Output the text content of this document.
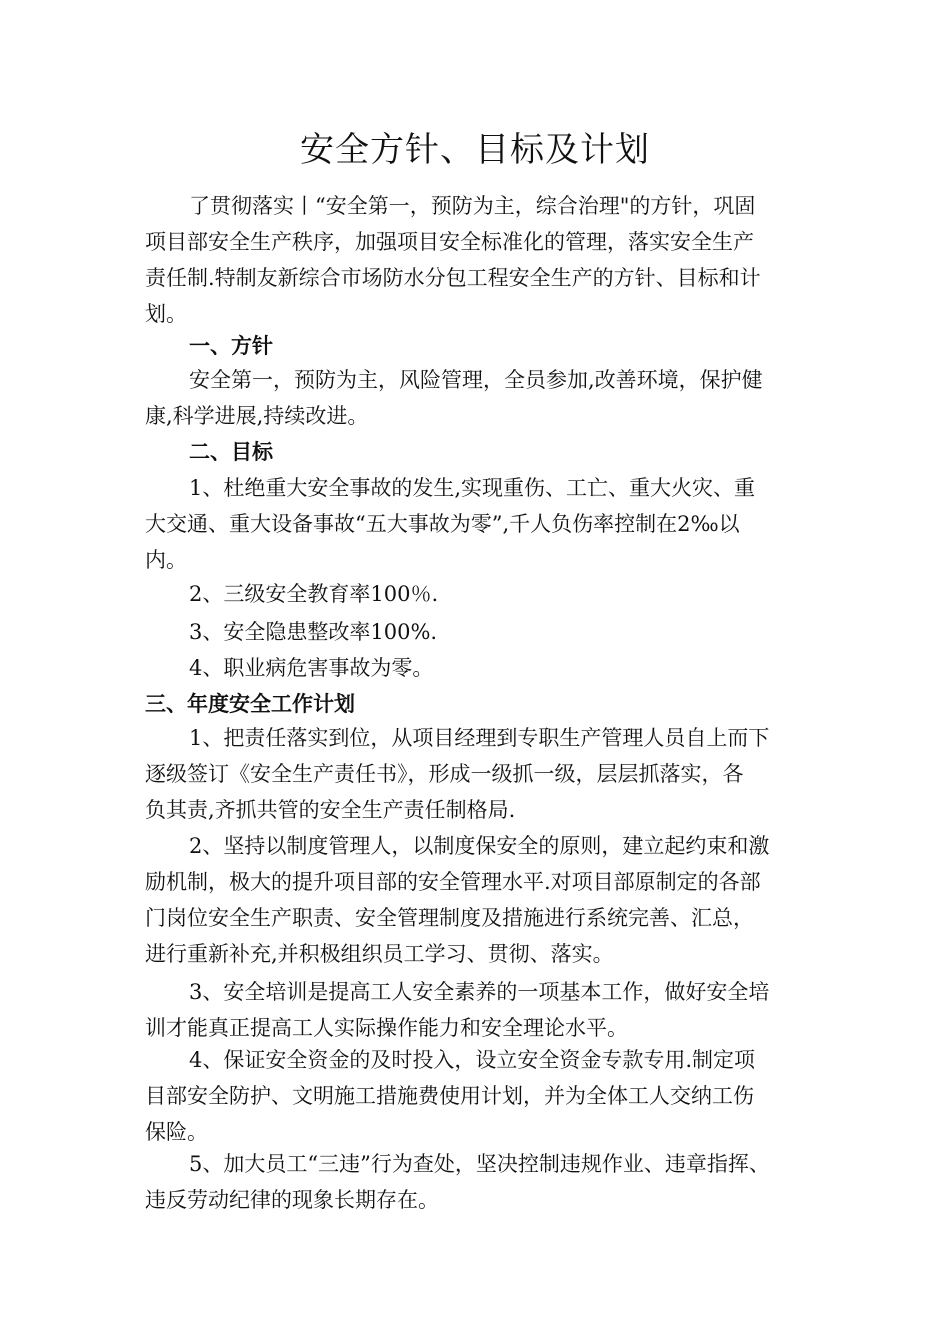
安全方针、目标及计划
了贯彻落实丨“安全第一，预防为主，综合治理"的方针，巩固
项目部安全生产秩序，加强项目安全标准化的管理，落实安全生产
责任制.特制友新综合市场防水分包工程安全生产的方针、目标和计
划。
一、方针
安全第一，预防为主，风险管理，全员参加,改善环境，保护健
康,科学进展,持续改进。
二、目标
1、杜绝重大安全事故的发生,实现重伤、工亡、重大火灾、重
大交通、重大设备事故“五大事故为零”,千人负伤率控制在2‰以
内。
2、三级安全教育率100％.
3、安全隐患整改率100%.
4、职业病危害事故为零。
三、年度安全工作计划
1、把责任落实到位，从项目经理到专职生产管理人员自上而下
逐级签订《安全生产责任书》，形成一级抓一级，层层抓落实，各
负其责,齐抓共管的安全生产责任制格局.
2、坚持以制度管理人，以制度保安全的原则，建立起约束和激
励机制，极大的提升项目部的安全管理水平.对项目部原制定的各部
门岗位安全生产职责、安全管理制度及措施进行系统完善、汇总，
进行重新补充,并积极组织员工学习、贯彻、落实。
3、安全培训是提高工人安全素养的一项基本工作，做好安全培
训才能真正提高工人实际操作能力和安全理论水平。
4、保证安全资金的及时投入，设立安全资金专款专用.制定项
目部安全防护、文明施工措施费使用计划，并为全体工人交纳工伤
保险。
5、加大员工“三违”行为查处，坚决控制违规作业、违章指挥、
违反劳动纪律的现象长期存在。
